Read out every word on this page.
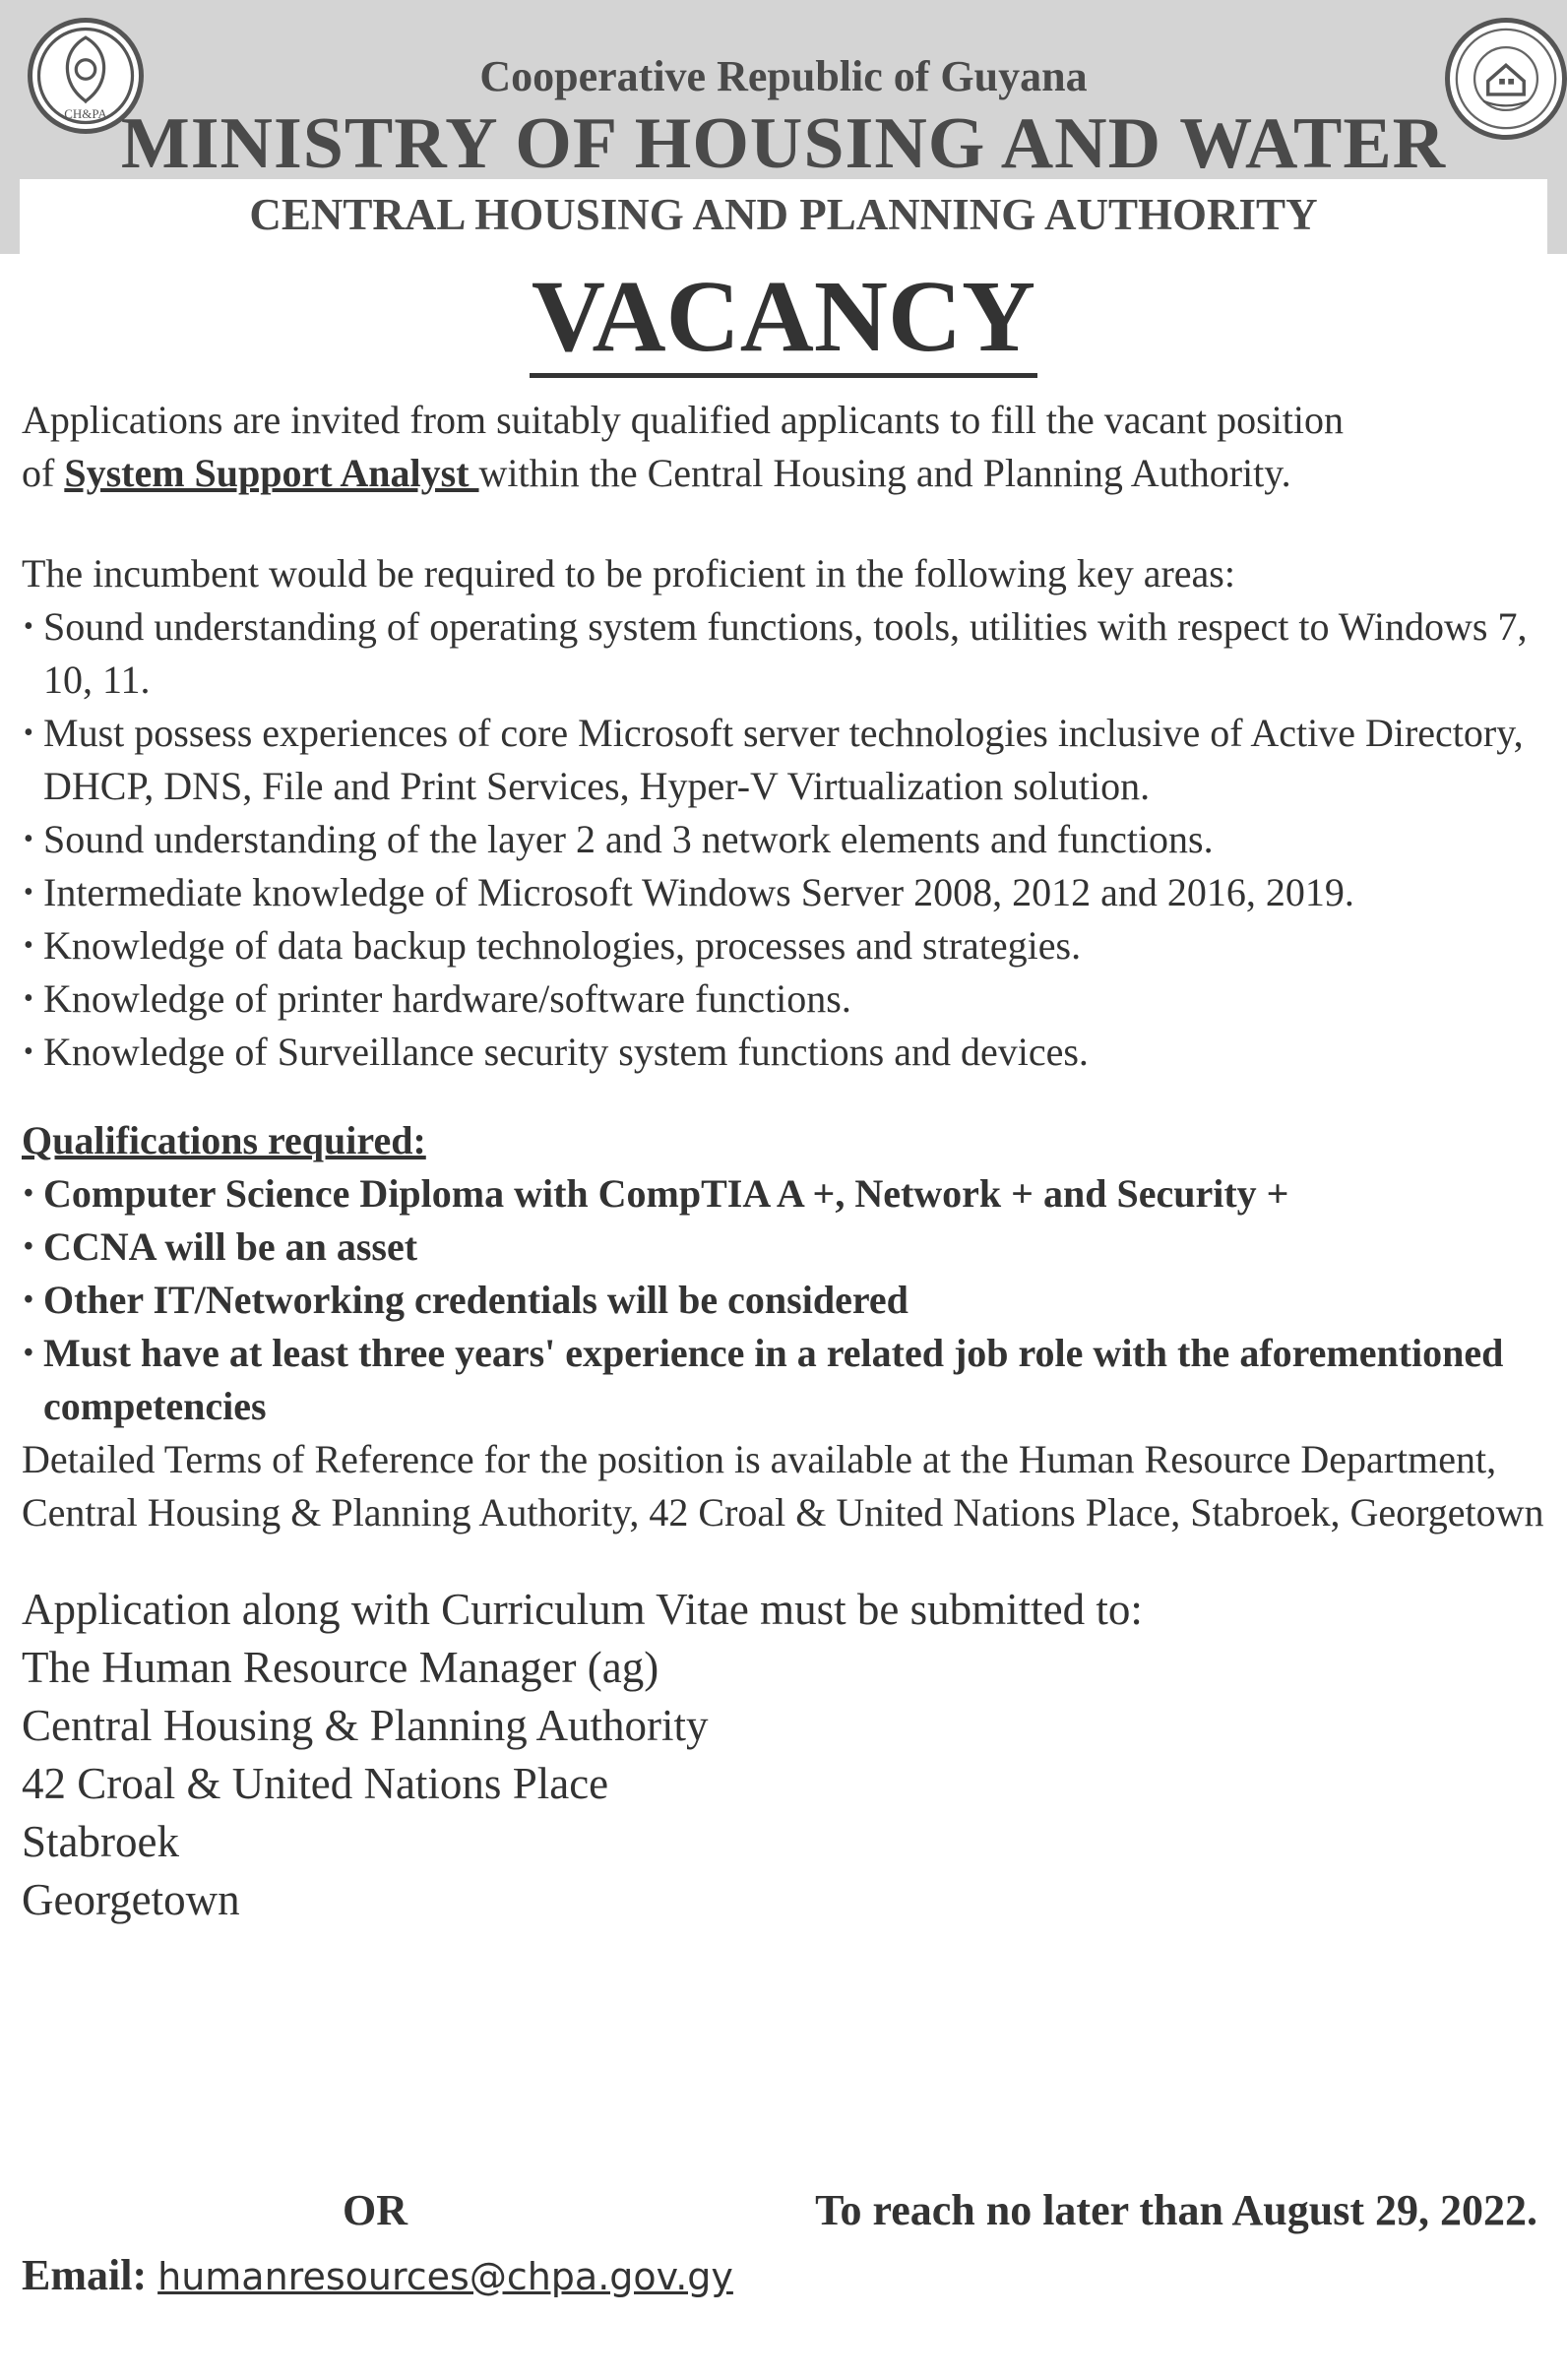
CH&PA
Cooperative Republic of Guyana
MINISTRY OF HOUSING AND WATER
CENTRAL HOUSING AND PLANNING AUTHORITY
VACANCY

Applications are invited from suitably qualified applicants to fill the vacant position
of System Support Analyst within the Central Housing and Planning Authority.

The incumbent would be required to be proficient in the following key areas:

• Sound understanding of operating system functions, tools, utilities with respect to Windows 7, 10, 11.
• Must possess experiences of core Microsoft server technologies inclusive of Active Directory, DHCP, DNS, File and Print Services, Hyper-V Virtualization solution.
• Sound understanding of the layer 2 and 3 network elements and functions.
• Intermediate knowledge of Microsoft Windows Server 2008, 2012 and 2016, 2019.
• Knowledge of data backup technologies, processes and strategies.
• Knowledge of printer hardware/software functions.
• Knowledge of Surveillance security system functions and devices.

Qualifications required:

• Computer Science Diploma with CompTIA A +, Network + and Security +
• CCNA will be an asset
• Other IT/Networking credentials will be considered
• Must have at least three years' experience in a related job role with the aforementioned competencies

Detailed Terms of Reference for the position is available at the Human Resource Department, Central Housing & Planning Authority, 42 Croal & United Nations Place, Stabroek, Georgetown

Application along with Curriculum Vitae must be submitted to:
The Human Resource Manager (ag)
Central Housing & Planning Authority
42 Croal & United Nations Place
Stabroek
Georgetown
OR	To reach no later than August 29, 2022.
Email: humanresources@chpa.gov.gy
